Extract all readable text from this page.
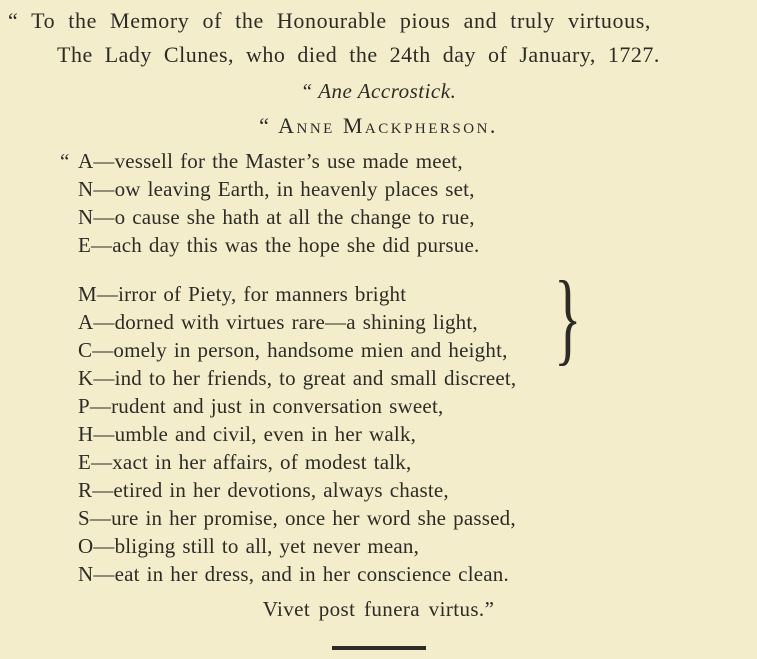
“ To the Memory of the Honourable pious and truly virtuous,
The Lady Clunes, who died the 24th day of January, 1727.
“ Ane Accrostick.
“ Anne Mackpherson.
“ A—vessell for the Master’s use made meet,
N—ow leaving Earth, in heavenly places set,
N—o cause she hath at all the change to rue,
E—ach day this was the hope she did pursue.
}
M—irror of Piety, for manners bright
A—dorned with virtues rare—a shining light,
C—omely in person, handsome mien and height,
K—ind to her friends, to great and small discreet,
P—rudent and just in conversation sweet,
H—umble and civil, even in her walk,
E—xact in her affairs, of modest talk,
R—etired in her devotions, always chaste,
S—ure in her promise, once her word she passed,
O—bliging still to all, yet never mean,
N—eat in her dress, and in her conscience clean.
Vivet post funera virtus.”
